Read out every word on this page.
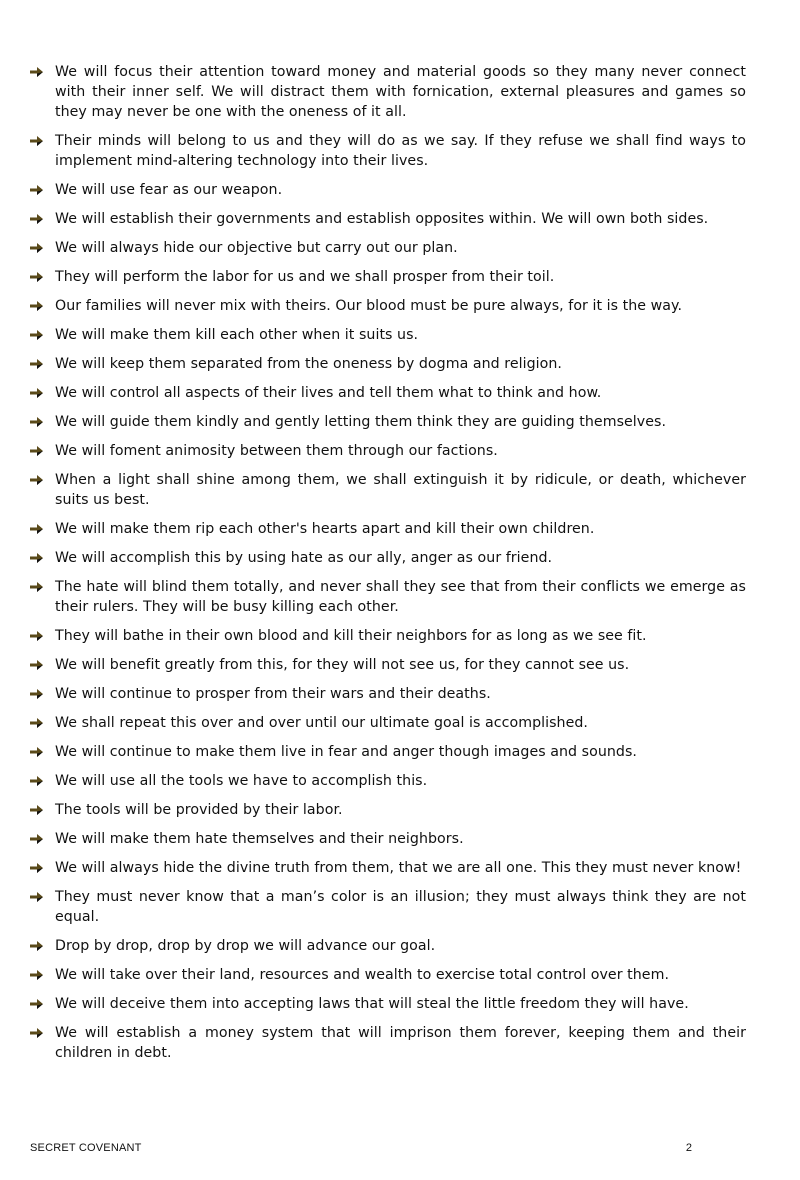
We will focus their attention toward money and material goods so they many never connect with their inner self. We will distract them with fornication, external pleasures and games so they may never be one with the oneness of it all.
Their minds will belong to us and they will do as we say. If they refuse we shall find ways to implement mind-altering technology into their lives.
We will use fear as our weapon.
We will establish their governments and establish opposites within. We will own both sides.
We will always hide our objective but carry out our plan.
They will perform the labor for us and we shall prosper from their toil.
Our families will never mix with theirs. Our blood must be pure always, for it is the way.
We will make them kill each other when it suits us.
We will keep them separated from the oneness by dogma and religion.
We will control all aspects of their lives and tell them what to think and how.
We will guide them kindly and gently letting them think they are guiding themselves.
We will foment animosity between them through our factions.
When a light shall shine among them, we shall extinguish it by ridicule, or death, whichever suits us best.
We will make them rip each other's hearts apart and kill their own children.
We will accomplish this by using hate as our ally, anger as our friend.
The hate will blind them totally, and never shall they see that from their conflicts we emerge as their rulers. They will be busy killing each other.
They will bathe in their own blood and kill their neighbors for as long as we see fit.
We will benefit greatly from this, for they will not see us, for they cannot see us.
We will continue to prosper from their wars and their deaths.
We shall repeat this over and over until our ultimate goal is accomplished.
We will continue to make them live in fear and anger though images and sounds.
We will use all the tools we have to accomplish this.
The tools will be provided by their labor.
We will make them hate themselves and their neighbors.
We will always hide the divine truth from them, that we are all one. This they must never know!
They must never know that a man’s color is an illusion; they must always think they are not equal.
Drop by drop, drop by drop we will advance our goal.
We will take over their land, resources and wealth to exercise total control over them.
We will deceive them into accepting laws that will steal the little freedom they will have.
We will establish a money system that will imprison them forever, keeping them and their children in debt.
SECRET COVENANT	2
